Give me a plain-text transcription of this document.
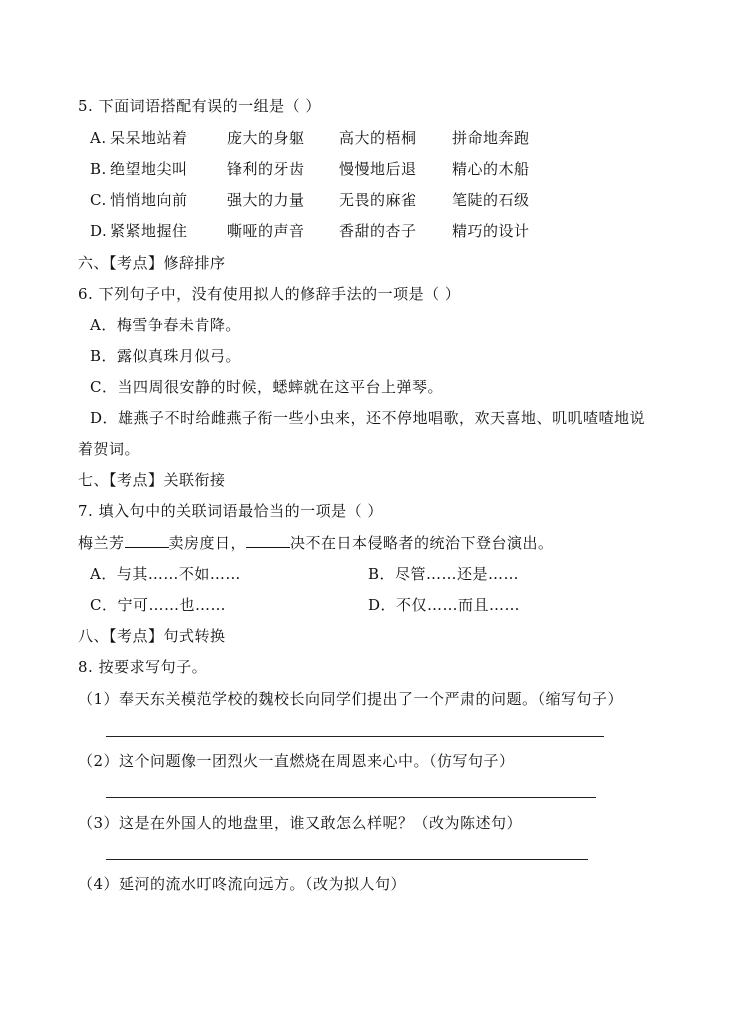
5. 下面词语搭配有误的一组是（ ）
A. 呆呆地站着	庞大的身躯 高大的梧桐 拼命地奔跑
B. 绝望地尖叫	锋利的牙齿 慢慢地后退 精心的木船
C. 悄悄地向前	强大的力量 无畏的麻雀 笔陡的石级
D. 紧紧地握住	嘶哑的声音 香甜的杏子 精巧的设计
六、【考点】修辞排序
6. 下列句子中，没有使用拟人的修辞手法的一项是（ ）
A．梅雪争春未肯降。
B．露似真珠月似弓。
C．当四周很安静的时候，蟋蟀就在这平台上弹琴。
D．雄燕子不时给雌燕子衔一些小虫来，还不停地唱歌，欢天喜地、叽叽喳喳地说
着贺词。
七、【考点】关联衔接
7. 填入句中的关联词语最恰当的一项是（ ）
梅兰芳	卖房度日，	决不在日本侵略者的统治下登台演出。
A．与其……不如……	B．尽管……还是……
C．宁可……也……	D．不仅……而且……
八、【考点】句式转换
8. 按要求写句子。
（1）奉天东关模范学校的魏校长向同学们提出了一个严肃的问题。（缩写句子）
（2）这个问题像一团烈火一直燃烧在周恩来心中。（仿写句子）
（3）这是在外国人的地盘里，谁又敢怎么样呢？（改为陈述句）
（4）延河的流水叮咚流向远方。（改为拟人句）
